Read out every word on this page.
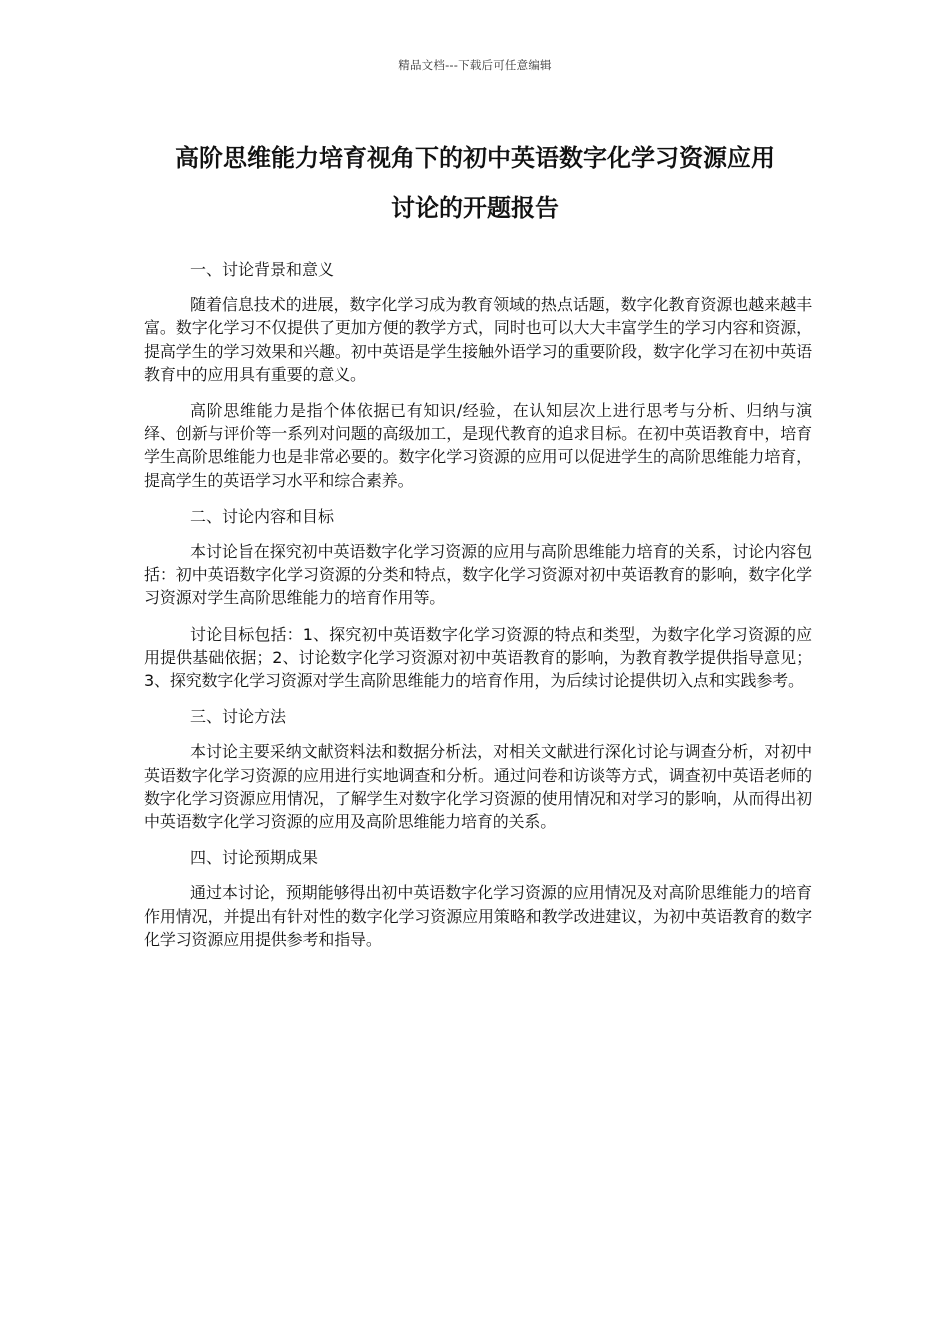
精品文档---下载后可任意编辑
高阶思维能力培育视角下的初中英语数字化学习资源应用
讨论的开题报告

一、讨论背景和意义

随着信息技术的进展，数字化学习成为教育领域的热点话题，数字化教育资源也越来越丰富。数字化学习不仅提供了更加方便的教学方式，同时也可以大大丰富学生的学习内容和资源，提高学生的学习效果和兴趣。初中英语是学生接触外语学习的重要阶段，数字化学习在初中英语教育中的应用具有重要的意义。

高阶思维能力是指个体依据已有知识/经验，在认知层次上进行思考与分析、归纳与演绎、创新与评价等一系列对问题的高级加工，是现代教育的追求目标。在初中英语教育中，培育学生高阶思维能力也是非常必要的。数字化学习资源的应用可以促进学生的高阶思维能力培育，提高学生的英语学习水平和综合素养。

二、讨论内容和目标

本讨论旨在探究初中英语数字化学习资源的应用与高阶思维能力培育的关系，讨论内容包括：初中英语数字化学习资源的分类和特点，数字化学习资源对初中英语教育的影响，数字化学习资源对学生高阶思维能力的培育作用等。

讨论目标包括：1、探究初中英语数字化学习资源的特点和类型，为数字化学习资源的应用提供基础依据；2、讨论数字化学习资源对初中英语教育的影响，为教育教学提供指导意见；3、探究数字化学习资源对学生高阶思维能力的培育作用，为后续讨论提供切入点和实践参考。

三、讨论方法

本讨论主要采纳文献资料法和数据分析法，对相关文献进行深化讨论与调查分析，对初中英语数字化学习资源的应用进行实地调查和分析。通过问卷和访谈等方式，调查初中英语老师的数字化学习资源应用情况，了解学生对数字化学习资源的使用情况和对学习的影响，从而得出初中英语数字化学习资源的应用及高阶思维能力培育的关系。

四、讨论预期成果

通过本讨论，预期能够得出初中英语数字化学习资源的应用情况及对高阶思维能力的培育作用情况，并提出有针对性的数字化学习资源应用策略和教学改进建议，为初中英语教育的数字化学习资源应用提供参考和指导。
